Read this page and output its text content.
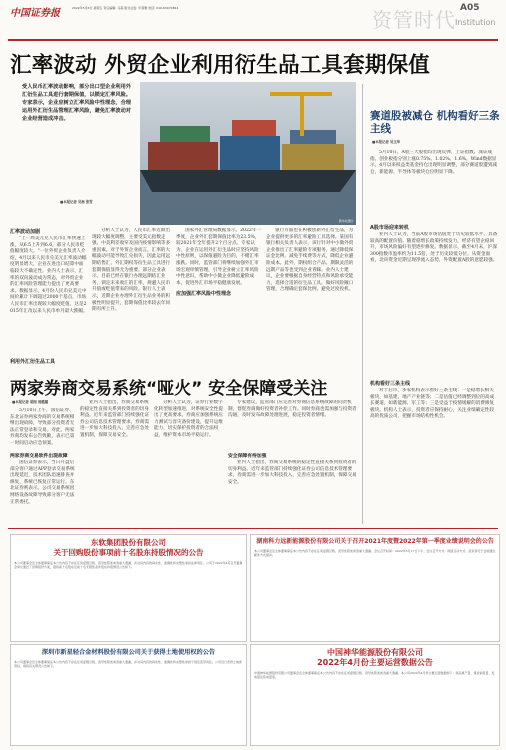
中国证券报	2022年5月6日 星期五 责任编辑: 马超 版式总监: 毕莉雅 电话: 010-63070364	资管时代 A05
Institution
汇率波动 外贸企业利用衍生品工具套期保值
受人民币汇率波动影响，部分出口型企业利用外汇衍生品工具进行套期保值，以锁定汇率风险。专家表示，企业应树立汇率风险中性理念，合理运用外汇衍生品管理汇率风险，避免汇率波动对企业经营造成冲击。
■本报记者 吴杨 张雪
新华社图片
汇率波动加剧

"上一周美元兑人民币汇率快速上涨，从6.5上升到6.6，部分人民币贬值幅度较大。"一位外贸企业负责人介绍，4月以来人民币兑美元汇率波动幅度明显增大，企业在进出口结算中面临较大不确定性。业内人士表示，汇率的双向波动成为常态，对外贸企业的汇率风险管理能力提出了更高要求。数据显示，4月份人民币兑美元中间价累计下调超过2000个基点，市场人民币汇率出现较大幅度贬值，这是2015年汇改以来人民币单月最大跌幅。

利用外汇衍生品工具

分析人士认为，人民币汇率近期出现较大幅度调整，主要受美元指数走强、中美利差收窄及国内疫情影响等多重因素。对于外贸企业而言，汇率的大幅波动可能导致汇兑损失，因此运用远期结售汇、外汇期权等衍生品工具进行套期保值显得尤为重要。部分企业表示，目前已经在银行办理远期结汇业务，锁定未来收汇的汇率，规避人民币升值或贬值带来的风险。银行人士表示，近期企业办理外汇衍生品业务的积极性明显提升，套期保值比率较去年同期有所上升。

应加强汇率风险中性理念

国家外汇管理局数据显示，2022年一季度，企业外汇套期保值比率为23.5%，较2021年全年提升2个百分点。专家认为，企业在运用外汇衍生品时应坚持风险中性原则，以保值避险为目的，不赌汇率涨跌。同时，监管部门将继续加强外汇市场宏观审慎管理，引导企业树立汇率风险中性意识，帮助中小微企业降低避险成本，促进外汇市场平稳健康发展。

银行方面也在积极创新外汇衍生品，为企业提供更多的汇率避险工具选择。某国有银行相关负责人表示，该行针对中小微外贸企业推出了汇率避险专项服务，通过降低保证金比例、减免手续费等方式，降低企业避险成本。此外，期权组合产品、期限灵活的远期产品等也受到企业青睐。业内人士建议，企业要根据自身经营特点和风险承受能力，选择合适的衍生品工具，做好风险敞口管理，合理确定套保比例，避免过度投机。

赛道股被减仓 机构看好三条主线
■本报记者 吴玉华

5月10日，A股三大股指均出现反弹，上证指数、深证成指、创业板指分别上涨0.75%、1.02%、1.6%。Wind数据显示，4月以来权益类基金持仓出现明显调整，部分赛道股遭到减仓，新能源、半导体等板块仓位明显下降。

A股市场迎来转机

业内人士认为，当前A股市场估值处于历史较低水平，具备较高的配置价值。随着稳增长政策持续发力，经济有望企稳回升，市场风险偏好有望逐步修复。数据显示，截至4月末，沪深300指数市盈率约为11.5倍，处于历史较低分位。从资金面看，北向资金近期呈现净流入态势，外资配置A股的意愿较强。

机构看好三条主线

对于后市，多家机构表示看好三条主线：一是稳增长相关板块，如基建、地产产业链等；二是估值已经调整到位的高成长赛道，如新能源、军工等；三是受益于疫情缓解的消费修复板块。机构人士表示，投资者应保持耐心，关注业绩确定性较高的优质公司，把握市场结构性机会。

两家券商交易系统“哑火” 安全保障受关注
■本报记者 胡雨 周璐璐

5月10日上午，国信证券、东北证券两家券商的交易系统相继出现故障，导致部分投资者无法正常登录和交易。对此，两家券商均发布公告致歉，表示已第一时间启动应急预案。

两家券商交易软件出现故障

国信证券表示，当日开盘后部分客户通过APP登录交易系统出现延迟，技术团队迅速排查并修复，系统已恢复正常运行。东北证券则表示，公司交易系统因网络设备故障导致部分客户无法正常委托。

业内人士指出，券商交易系统的稳定性直接关系到投资者的切身利益。近年来监管部门持续强化证券公司信息技术管理要求，券商需进一步加大科技投入，完善应急处置机制，保障交易安全。

分析人士认为，证券行业数字化转型加速推进，对系统安全性提出了更高要求。券商应加强系统压力测试与容灾备份建设，提升运维能力，切实保护投资者的合法权益，维护资本市场平稳运行。

安全保障有待加强

专家建议，监管部门应完善对券商信息系统故障的问责机制，督促券商做好投资者补偿工作。同时券商也需加强与投资者沟通，及时发布故障处理进展，稳定投资者情绪。

业内人士指出，券商交易系统的稳定性直接关系到投资者的切身利益。近年来监管部门持续强化证券公司信息技术管理要求，券商需进一步加大科技投入，完善应急处置机制，保障交易安全。

东软集团股份有限公司
关于回购股份事项前十名股东持股情况的公告
本公司董事会及全体董事保证本公告内容不存在任何虚假记载、误导性陈述或者重大遗漏，并对其内容的真实性、准确性和完整性承担法律责任。公司于2022年4月召开董事会审议通过了回购股份方案，现将前十名股东及前十名无限售条件股东持股情况公告如下。
湖南科力远新能源股份有限公司关于召开2021年度暨2022年第一季度业绩说明会的公告
本公司董事会及全体董事保证本公告内容不存在任何虚假记载、误导性陈述或者重大遗漏。会议召开时间：2022年5月17日下午；会议召开方式：网络互动方式。投资者可于会前通过邮件方式提问。
深圳市新星轻合金材料股份有限公司关于获得土地使用权的公告
本公司董事会及全体董事保证本公告内容不存在任何虚假记载、误导性陈述或者重大遗漏，并对其内容的真实性、准确性和完整性承担个别及连带责任。公司近日竞得土地使用权，现将有关情况公告如下。
中国神华能源股份有限公司
2022年4月份主要运营数据公告
中国神华能源股份有限公司董事会及全体董事保证本公告内容不存在任何虚假记载、误导性陈述或者重大遗漏。本公司2022年4月份主要运营数据如下：商品煤产量、煤炭销售量、发电量及售电量等。
